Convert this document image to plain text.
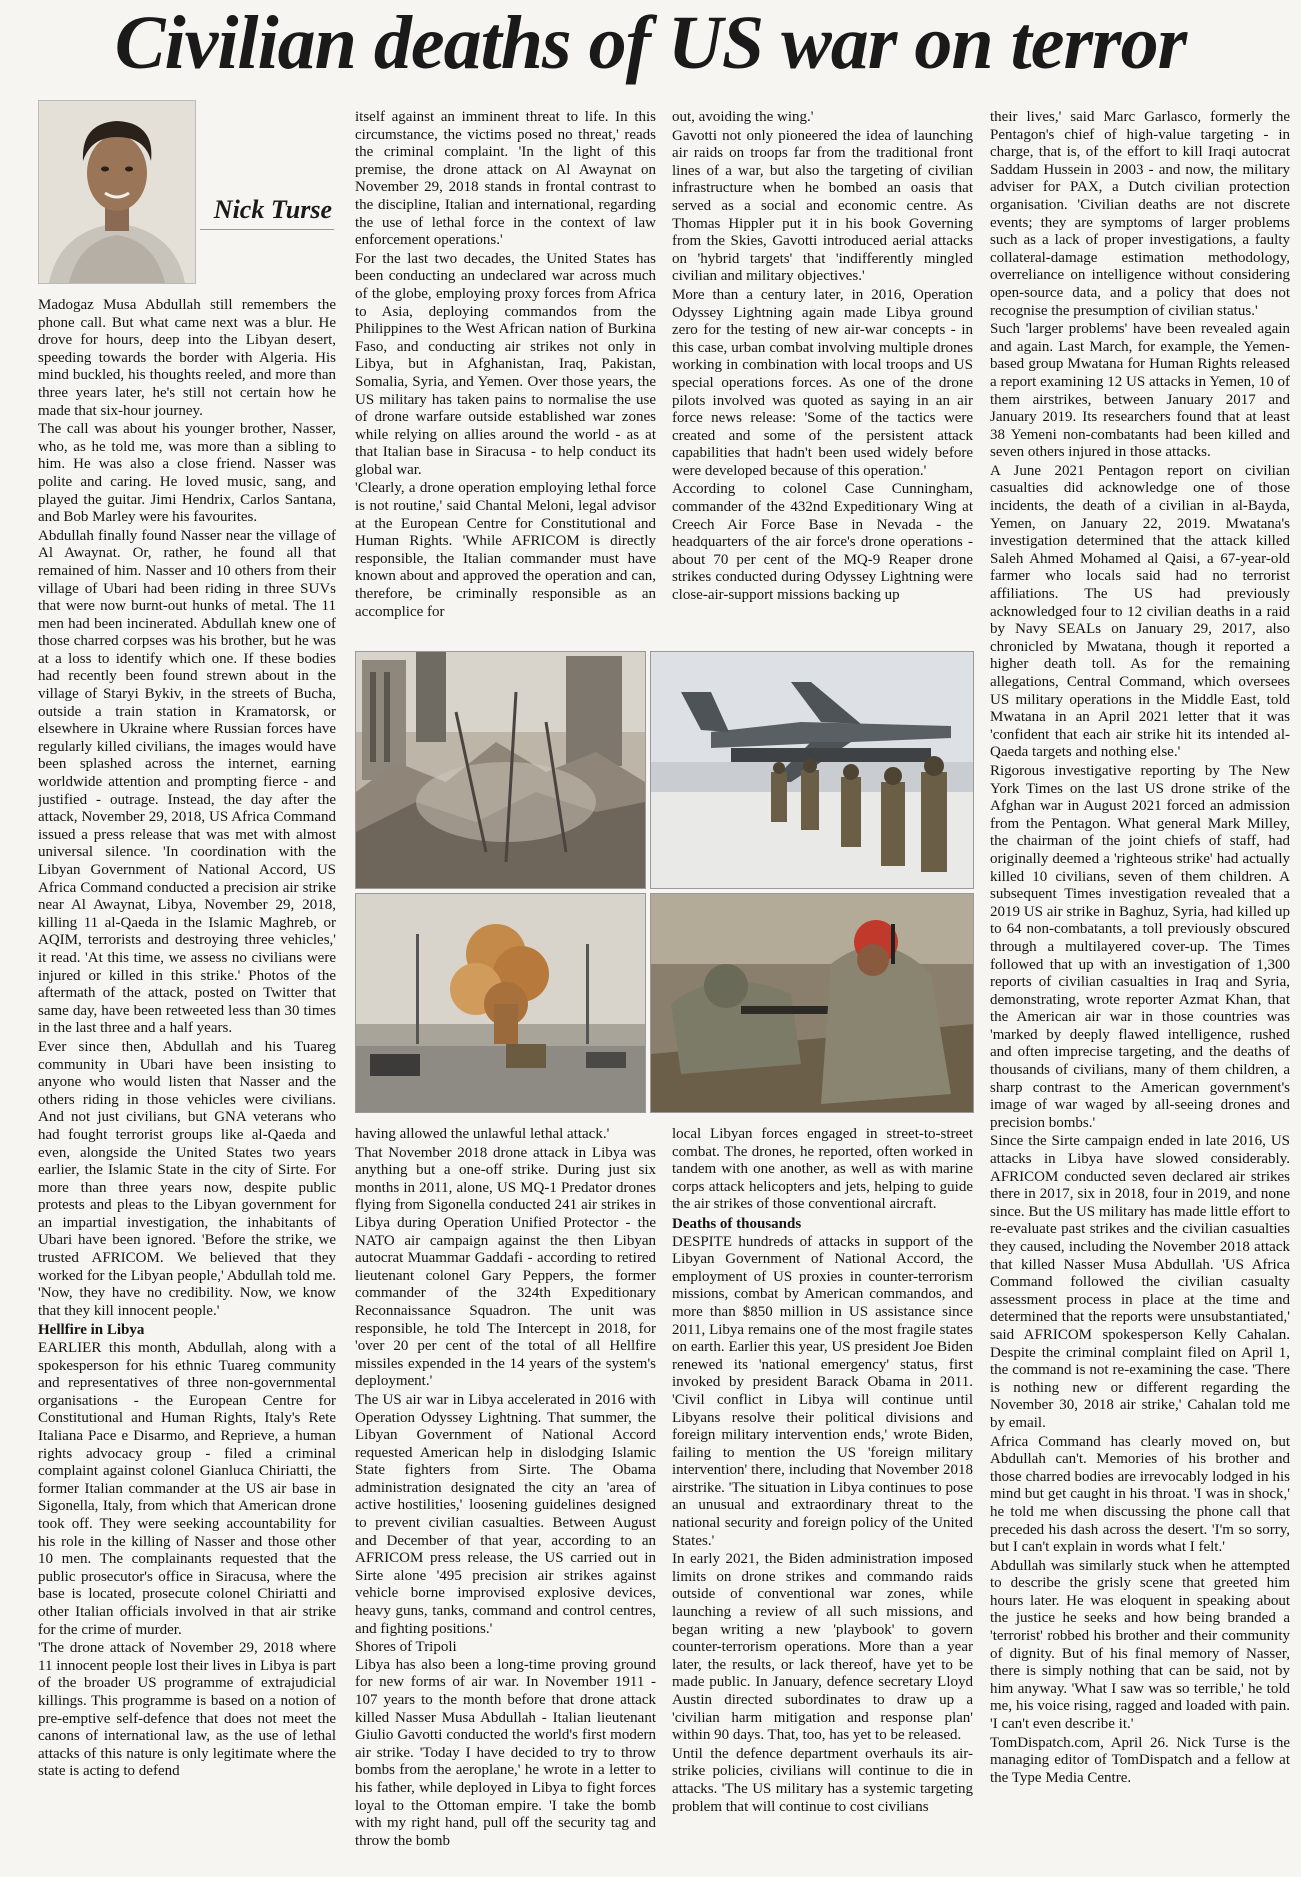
Civilian deaths of US war on terror
Nick Turse

Madogaz Musa Abdullah still remembers the phone call. But what came next was a blur. He drove for hours, deep into the Libyan desert, speeding towards the border with Algeria. His mind buckled, his thoughts reeled, and more than three years later, he's still not certain how he made that six-hour journey.

The call was about his younger brother, Nasser, who, as he told me, was more than a sibling to him. He was also a close friend. Nasser was polite and caring. He loved music, sang, and played the guitar. Jimi Hendrix, Carlos Santana, and Bob Marley were his favourites.

Abdullah finally found Nasser near the village of Al Awaynat. Or, rather, he found all that remained of him. Nasser and 10 others from their village of Ubari had been riding in three SUVs that were now burnt-out hunks of metal. The 11 men had been incinerated. Abdullah knew one of those charred corpses was his brother, but he was at a loss to identify which one. If these bodies had recently been found strewn about in the village of Staryi Bykiv, in the streets of Bucha, outside a train station in Kramatorsk, or elsewhere in Ukraine where Russian forces have regularly killed civilians, the images would have been splashed across the internet, earning worldwide attention and prompting fierce - and justified - outrage. Instead, the day after the attack, November 29, 2018, US Africa Command issued a press release that was met with almost universal silence. 'In coordination with the Libyan Government of National Accord, US Africa Command conducted a precision air strike near Al Awaynat, Libya, November 29, 2018, killing 11 al-Qaeda in the Islamic Maghreb, or AQIM, terrorists and destroying three vehicles,' it read. 'At this time, we assess no civilians were injured or killed in this strike.' Photos of the aftermath of the attack, posted on Twitter that same day, have been retweeted less than 30 times in the last three and a half years.

Ever since then, Abdullah and his Tuareg community in Ubari have been insisting to anyone who would listen that Nasser and the others riding in those vehicles were civilians. And not just civilians, but GNA veterans who had fought terrorist groups like al-Qaeda and even, alongside the United States two years earlier, the Islamic State in the city of Sirte. For more than three years now, despite public protests and pleas to the Libyan government for an impartial investigation, the inhabitants of Ubari have been ignored. 'Before the strike, we trusted AFRICOM. We believed that they worked for the Libyan people,' Abdullah told me. 'Now, they have no credibility. Now, we know that they kill innocent people.'

Hellfire in Libya

EARLIER this month, Abdullah, along with a spokesperson for his ethnic Tuareg community and representatives of three non-governmental organisations - the European Centre for Constitutional and Human Rights, Italy's Rete Italiana Pace e Disarmo, and Reprieve, a human rights advocacy group - filed a criminal complaint against colonel Gianluca Chiriatti, the former Italian commander at the US air base in Sigonella, Italy, from which that American drone took off. They were seeking accountability for his role in the killing of Nasser and those other 10 men. The complainants requested that the public prosecutor's office in Siracusa, where the base is located, prosecute colonel Chiriatti and other Italian officials involved in that air strike for the crime of murder.

'The drone attack of November 29, 2018 where 11 innocent people lost their lives in Libya is part of the broader US programme of extrajudicial killings. This programme is based on a notion of pre-emptive self-defence that does not meet the canons of international law, as the use of lethal attacks of this nature is only legitimate where the state is acting to defend

itself against an imminent threat to life. In this circumstance, the victims posed no threat,' reads the criminal complaint. 'In the light of this premise, the drone attack on Al Awaynat on November 29, 2018 stands in frontal contrast to the discipline, Italian and international, regarding the use of lethal force in the context of law enforcement operations.'

For the last two decades, the United States has been conducting an undeclared war across much of the globe, employing proxy forces from Africa to Asia, deploying commandos from the Philippines to the West African nation of Burkina Faso, and conducting air strikes not only in Libya, but in Afghanistan, Iraq, Pakistan, Somalia, Syria, and Yemen. Over those years, the US military has taken pains to normalise the use of drone warfare outside established war zones while relying on allies around the world - as at that Italian base in Siracusa - to help conduct its global war.

'Clearly, a drone operation employing lethal force is not routine,' said Chantal Meloni, legal advisor at the European Centre for Constitutional and Human Rights. 'While AFRICOM is directly responsible, the Italian commander must have known about and approved the operation and can, therefore, be criminally responsible as an accomplice for

out, avoiding the wing.'

Gavotti not only pioneered the idea of launching air raids on troops far from the traditional front lines of a war, but also the targeting of civilian infrastructure when he bombed an oasis that served as a social and economic centre. As Thomas Hippler put it in his book Governing from the Skies, Gavotti introduced aerial attacks on 'hybrid targets' that 'indifferently mingled civilian and military objectives.'

More than a century later, in 2016, Operation Odyssey Lightning again made Libya ground zero for the testing of new air-war concepts - in this case, urban combat involving multiple drones working in combination with local troops and US special operations forces. As one of the drone pilots involved was quoted as saying in an air force news release: 'Some of the tactics were created and some of the persistent attack capabilities that hadn't been used widely before were developed because of this operation.'

According to colonel Case Cunningham, commander of the 432nd Expeditionary Wing at Creech Air Force Base in Nevada - the headquarters of the air force's drone operations - about 70 per cent of the MQ-9 Reaper drone strikes conducted during Odyssey Lightning were close-air-support missions backing up

their lives,' said Marc Garlasco, formerly the Pentagon's chief of high-value targeting - in charge, that is, of the effort to kill Iraqi autocrat Saddam Hussein in 2003 - and now, the military adviser for PAX, a Dutch civilian protection organisation. 'Civilian deaths are not discrete events; they are symptoms of larger problems such as a lack of proper investigations, a faulty collateral-damage estimation methodology, overreliance on intelligence without considering open-source data, and a policy that does not recognise the presumption of civilian status.'

Such 'larger problems' have been revealed again and again. Last March, for example, the Yemen-based group Mwatana for Human Rights released a report examining 12 US attacks in Yemen, 10 of them airstrikes, between January 2017 and January 2019. Its researchers found that at least 38 Yemeni non-combatants had been killed and seven others injured in those attacks.

A June 2021 Pentagon report on civilian casualties did acknowledge one of those incidents, the death of a civilian in al-Bayda, Yemen, on January 22, 2019. Mwatana's investigation determined that the attack killed Saleh Ahmed Mohamed al Qaisi, a 67-year-old farmer who locals said had no terrorist affiliations. The US had previously acknowledged four to 12 civilian deaths in a raid by Navy SEALs on January 29, 2017, also chronicled by Mwatana, though it reported a higher death toll. As for the remaining allegations, Central Command, which oversees US military operations in the Middle East, told Mwatana in an April 2021 letter that it was 'confident that each air strike hit its intended al-Qaeda targets and nothing else.'

Rigorous investigative reporting by The New York Times on the last US drone strike of the Afghan war in August 2021 forced an admission from the Pentagon. What general Mark Milley, the chairman of the joint chiefs of staff, had originally deemed a 'righteous strike' had actually killed 10 civilians, seven of them children. A subsequent Times investigation revealed that a 2019 US air strike in Baghuz, Syria, had killed up to 64 non-combatants, a toll previously obscured through a multilayered cover-up. The Times followed that up with an investigation of 1,300 reports of civilian casualties in Iraq and Syria, demonstrating, wrote reporter Azmat Khan, that the American air war in those countries was 'marked by deeply flawed intelligence, rushed and often imprecise targeting, and the deaths of thousands of civilians, many of them children, a sharp contrast to the American government's image of war waged by all-seeing drones and precision bombs.'

Since the Sirte campaign ended in late 2016, US attacks in Libya have slowed considerably. AFRICOM conducted seven declared air strikes there in 2017, six in 2018, four in 2019, and none since. But the US military has made little effort to re-evaluate past strikes and the civilian casualties they caused, including the November 2018 attack that killed Nasser Musa Abdullah. 'US Africa Command followed the civilian casualty assessment process in place at the time and determined that the reports were unsubstantiated,' said AFRICOM spokesperson Kelly Cahalan. Despite the criminal complaint filed on April 1, the command is not re-examining the case. 'There is nothing new or different regarding the November 30, 2018 air strike,' Cahalan told me by email.

Africa Command has clearly moved on, but Abdullah can't. Memories of his brother and those charred bodies are irrevocably lodged in his mind but get caught in his throat. 'I was in shock,' he told me when discussing the phone call that preceded his dash across the desert. 'I'm so sorry, but I can't explain in words what I felt.'

Abdullah was similarly stuck when he attempted to describe the grisly scene that greeted him hours later. He was eloquent in speaking about the justice he seeks and how being branded a 'terrorist' robbed his brother and their community of dignity. But of his final memory of Nasser, there is simply nothing that can be said, not by him anyway. 'What I saw was so terrible,' he told me, his voice rising, ragged and loaded with pain. 'I can't even describe it.'

TomDispatch.com, April 26. Nick Turse is the managing editor of TomDispatch and a fellow at the Type Media Centre.

having allowed the unlawful lethal attack.'

That November 2018 drone attack in Libya was anything but a one-off strike. During just six months in 2011, alone, US MQ-1 Predator drones flying from Sigonella conducted 241 air strikes in Libya during Operation Unified Protector - the NATO air campaign against the then Libyan autocrat Muammar Gaddafi - according to retired lieutenant colonel Gary Peppers, the former commander of the 324th Expeditionary Reconnaissance Squadron. The unit was responsible, he told The Intercept in 2018, for 'over 20 per cent of the total of all Hellfire missiles expended in the 14 years of the system's deployment.'

The US air war in Libya accelerated in 2016 with Operation Odyssey Lightning. That summer, the Libyan Government of National Accord requested American help in dislodging Islamic State fighters from Sirte. The Obama administration designated the city an 'area of active hostilities,' loosening guidelines designed to prevent civilian casualties. Between August and December of that year, according to an AFRICOM press release, the US carried out in Sirte alone '495 precision air strikes against vehicle borne improvised explosive devices, heavy guns, tanks, command and control centres, and fighting positions.'

Shores of Tripoli

Libya has also been a long-time proving ground for new forms of air war. In November 1911 - 107 years to the month before that drone attack killed Nasser Musa Abdullah - Italian lieutenant Giulio Gavotti conducted the world's first modern air strike. 'Today I have decided to try to throw bombs from the aeroplane,' he wrote in a letter to his father, while deployed in Libya to fight forces loyal to the Ottoman empire. 'I take the bomb with my right hand, pull off the security tag and throw the bomb

local Libyan forces engaged in street-to-street combat. The drones, he reported, often worked in tandem with one another, as well as with marine corps attack helicopters and jets, helping to guide the air strikes of those conventional aircraft.

Deaths of thousands

DESPITE hundreds of attacks in support of the Libyan Government of National Accord, the employment of US proxies in counter-terrorism missions, combat by American commandos, and more than $850 million in US assistance since 2011, Libya remains one of the most fragile states on earth. Earlier this year, US president Joe Biden renewed its 'national emergency' status, first invoked by president Barack Obama in 2011. 'Civil conflict in Libya will continue until Libyans resolve their political divisions and foreign military intervention ends,' wrote Biden, failing to mention the US 'foreign military intervention' there, including that November 2018 airstrike. 'The situation in Libya continues to pose an unusual and extraordinary threat to the national security and foreign policy of the United States.'

In early 2021, the Biden administration imposed limits on drone strikes and commando raids outside of conventional war zones, while launching a review of all such missions, and began writing a new 'playbook' to govern counter-terrorism operations. More than a year later, the results, or lack thereof, have yet to be made public. In January, defence secretary Lloyd Austin directed subordinates to draw up a 'civilian harm mitigation and response plan' within 90 days. That, too, has yet to be released.

Until the defence department overhauls its air-strike policies, civilians will continue to die in attacks. 'The US military has a systemic targeting problem that will continue to cost civilians
